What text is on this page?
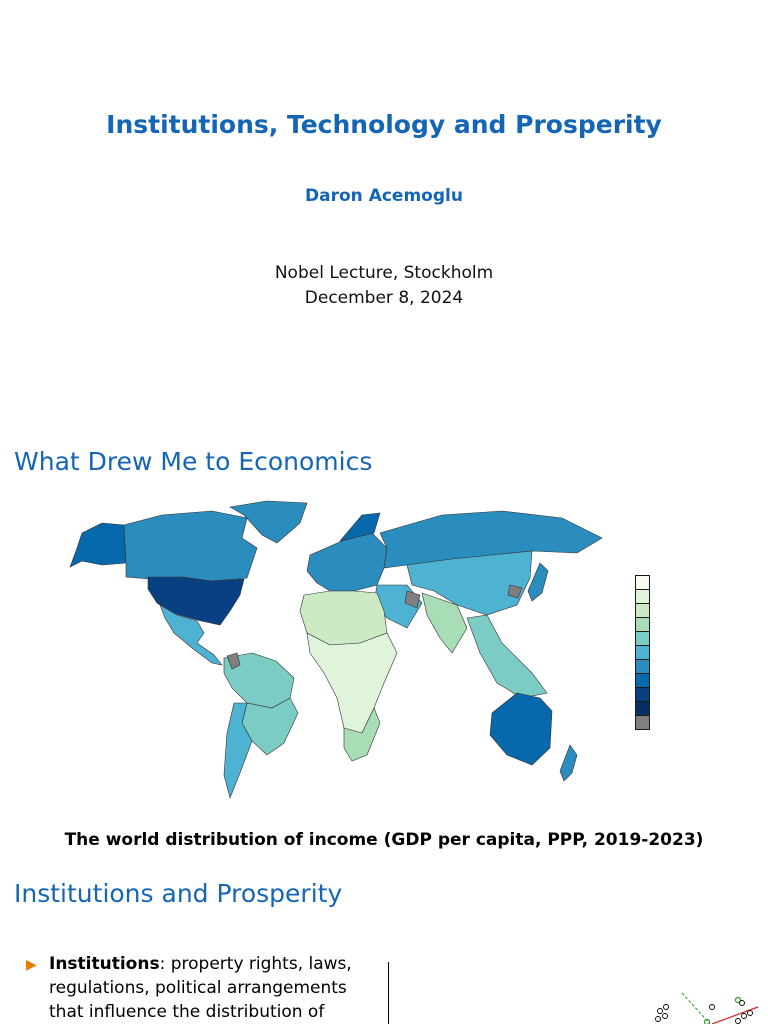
Institutions, Technology and Prosperity
Daron Acemoglu
Nobel Lecture, Stockholm
December 8, 2024
What Drew Me to Economics
The world distribution of income (GDP per capita, PPP, 2019-2023)
Institutions and Prosperity
▶ Institutions: property rights, laws,
regulations, political arrangements
that influence the distribution of
